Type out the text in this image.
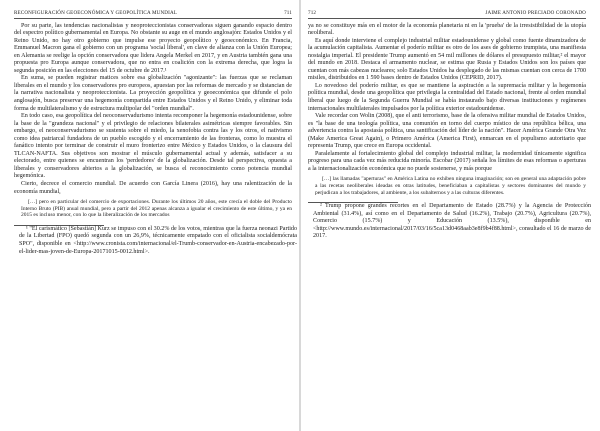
RECONFIGURACIÓN GEOECONÓMICA Y GEOPOLÍTICA MUNDIAL	711

Por su parte, las tendencias nacionalistas y neoproteccionistas conservadoras siguen ganando espacio dentro del espectro político gubernamental en Europa. No obstante su auge en el mundo anglosajón: Estados Unidos y el Reino Unido, no hay otro gobierno que impulse ese proyecto geopolítico y geoeconómico. En Francia, Emmanuel Macron gana el gobierno con un programa 'social liberal', en clave de alianza con la Unión Europea; en Alemania se reelige la opción conservadora que lidera Angela Merkel en 2017, y en Austria también gana una propuesta pro Europa aunque conservadora, que no entra en coalición con la extrema derecha, que logra la segunda posición en las elecciones del 15 de octubre de 2017.¹

En suma, se pueden registrar matices sobre esa globalización "agonizante": las fuerzas que se reclaman liberales en el mundo y los conservadores pro europeos, apuestan por las reformas de mercado y se distancian de la narrativa nacionalista y neoproteccionista. La proyección geopolítica y geoeconómica que difunde el polo anglosajón, busca preservar una hegemonía compartida entre Estados Unidos y el Reino Unido, y eliminar toda forma de multilateralismo y de estructura multipolar del "orden mundial".

En todo caso, esa geopolítica del neoconservadurismo intenta recomponer la hegemonía estadounidense, sobre la base de la "grandeza nacional" y el privilegio de relaciones bilaterales asimétricas siempre favorables. Sin embargo, el neoconservadurismo se sustenta sobre el miedo, la xenofobia contra las y los otros, el nativismo como idea patriarcal fundadora de un pueblo escogido y el encerramiento de las fronteras, como lo muestra el fanático intento por terminar de construir el muro fronterizo entre México y Estados Unidos, o la clausura del TLCAN-NAFTA. Sus objetivos son mostrar el músculo gubernamental actual y además, satisfacer a su electorado, entre quienes se encuentran los 'perdedores' de la globalización. Desde tal perspectiva, opuesta a liberales y conservadores abiertos a la globalización, se busca el reconocimiento como potencia mundial hegemónica.

Cierto, decrece el comercio mundial. De acuerdo con García Linera (2016), hay una ralentización de la economía mundial,

[…] pero en particular del comercio de exportaciones. Durante los últimos 20 años, este crecía el doble del Producto Interno Bruto (PIB) anual mundial, pero a partir del 2012 apenas alcanza a igualar el crecimiento de este último, y ya en 2015 es incluso menor, con lo que la liberalización de los mercados

¹ "El carismático [Sebastián] Kurz se impuso con el 30.2% de los votos, mientras que la fuerza neonazi Partido de la Libertad (FPO) quedó segunda con un 26,9%, técnicamente empatado con el oficialista socialdemócrata SPO", disponible en <http://www.cronista.com/internacional/el-Trumb-conservador-en-Austria-encabezado-por-el-lider-mas-joven-de-Europa-20171015-0012.html>.

712	JAIME ANTONIO PRECIADO CORONADO

ya no se constituye más en el motor de la economía planetaria ni en la 'prueba' de la irresistibilidad de la utopía neoliberal.

Es aquí donde interviene el complejo industrial militar estadounidense y global como fuente dinamizadora de la acumulación capitalista. Aumentar el poderío militar es otro de los ases de gobierno trumpista, una manifiesta nostalgia imperial. El presidente Trump aumentó en 54 mil millones de dólares el presupuesto militar,² el mayor del mundo en 2018. Destaca el armamento nuclear, se estima que Rusia y Estados Unidos son los países que cuentan con más cabezas nucleares; solo Estados Unidos ha desplegado de las mismas cuentan con cerca de 1700 misiles, distribuidos en 1 590 bases dentro de Estados Unidos (CEPRID, 2017).

Lo novedoso del poderío militar, es que se mantiene la aspiración a la supremacía militar y la hegemonía política mundial, desde una geopolítica que privilegia la centralidad del Estado nacional, frente al orden mundial liberal que luego de la Segunda Guerra Mundial se había instaurado bajo diversas instituciones y regímenes internacionales multilaterales impulsados por la política exterior estadounidense.

Vale recordar con Wolin (2008), que el anti terrorismo, base de la ofensiva militar mundial de Estados Unidos, es "la base de una teología política, una comunión en torno del cuerpo místico de una república bélica, una advertencia contra la apostasía política, una santificación del líder de la nación". Hacer América Grande Otra Vez (Make America Great Again), o Primero América (America First), enmarcan en el populismo autoritario que representa Trump, que crece en Europa occidental.

Paralelamente al fortalecimiento global del complejo industrial militar, la modernidad tínicamente significa progreso para una cada vez más reducida minoría. Escobar (2017) señala los límites de esas reformas o aperturas a la internacionalización económica que no puede sostenerse, y más porque

[…] las llamadas "aperturas" en América Latina no exhiben ninguna imaginación; son en general una adaptación pobre a las recetas neoliberales ideadas en otras latitudes, beneficiaban a capitalistas y sectores dominantes del mundo y perjudican a los trabajadores, al ambiente, a los subalternos y a las culturas diferentes.

² Trump propone grandes recortes en el Departamento de Estado (28.7%) y la Agencia de Protección Ambiental (31.4%), así como en el Departamento de Salud (16.2%), Trabajo (20.7%), Agricultura (20.7%), Comercio (15.7%) y Educación (13.5%), disponible en <http://www.mundo.es/internacional/2017/03/16/5ca13d0468aab3e8f9b4f88.html>, consultado el 16 de marzo de 2017.
